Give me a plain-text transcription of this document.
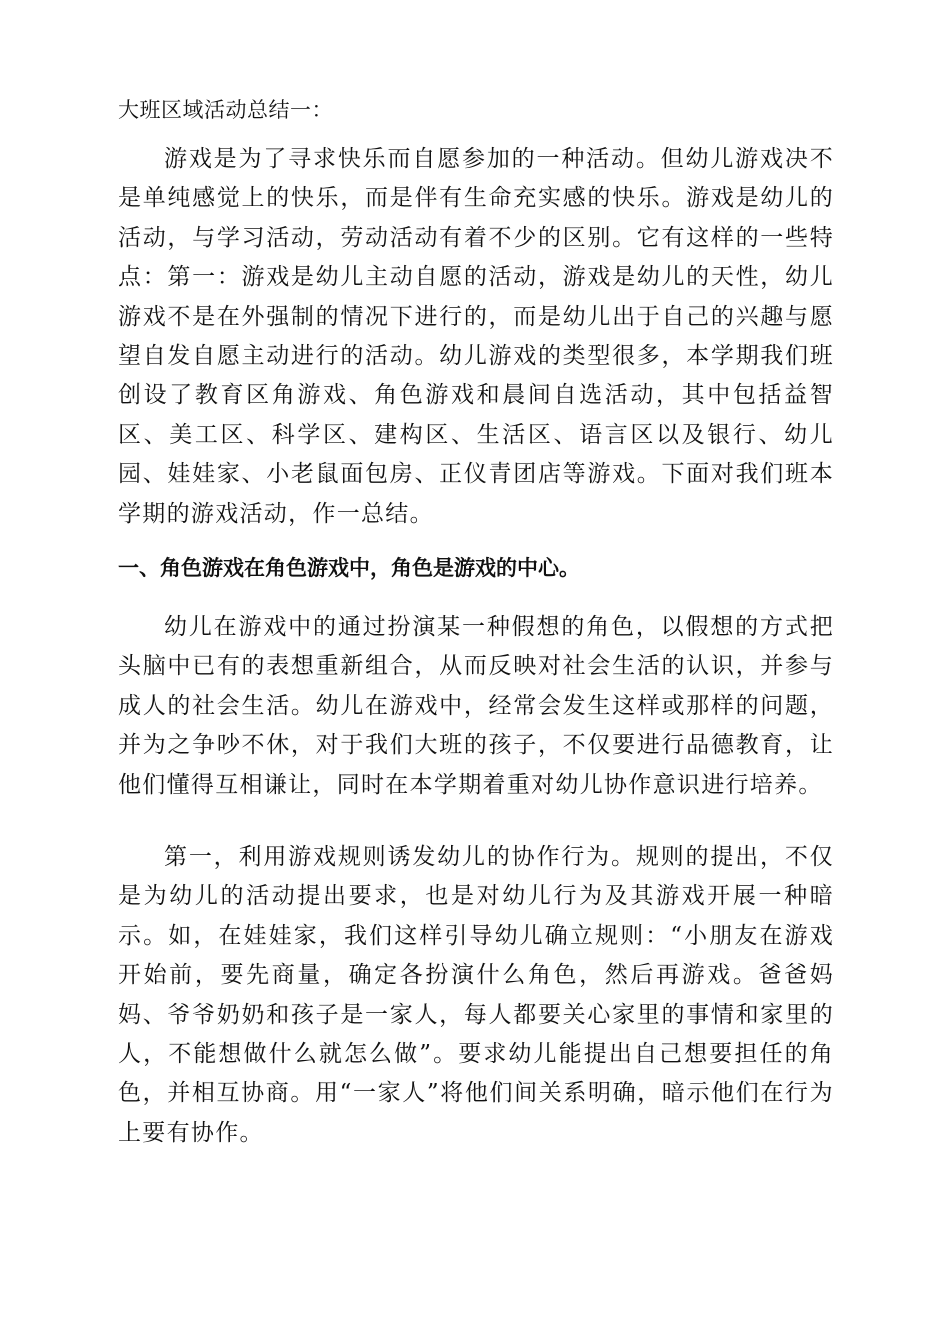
大班区域活动总结一：

游戏是为了寻求快乐而自愿参加的一种活动。但幼儿游戏决不是单纯感觉上的快乐，而是伴有生命充实感的快乐。游戏是幼儿的活动，与学习活动，劳动活动有着不少的区别。它有这样的一些特点：第一：游戏是幼儿主动自愿的活动，游戏是幼儿的天性，幼儿游戏不是在外强制的情况下进行的，而是幼儿出于自己的兴趣与愿望自发自愿主动进行的活动。幼儿游戏的类型很多，本学期我们班创设了教育区角游戏、角色游戏和晨间自选活动，其中包括益智区、美工区、科学区、建构区、生活区、语言区以及银行、幼儿园、娃娃家、小老鼠面包房、正仪青团店等游戏。下面对我们班本学期的游戏活动，作一总结。

一、角色游戏在角色游戏中，角色是游戏的中心。

幼儿在游戏中的通过扮演某一种假想的角色，以假想的方式把头脑中已有的表想重新组合，从而反映对社会生活的认识，并参与成人的社会生活。幼儿在游戏中，经常会发生这样或那样的问题，并为之争吵不休，对于我们大班的孩子，不仅要进行品德教育，让他们懂得互相谦让，同时在本学期着重对幼儿协作意识进行培养。

第一，利用游戏规则诱发幼儿的协作行为。规则的提出，不仅是为幼儿的活动提出要求，也是对幼儿行为及其游戏开展一种暗示。如，在娃娃家，我们这样引导幼儿确立规则：“小朋友在游戏开始前，要先商量，确定各扮演什么角色，然后再游戏。爸爸妈妈、爷爷奶奶和孩子是一家人，每人都要关心家里的事情和家里的人，不能想做什么就怎么做”。要求幼儿能提出自己想要担任的角色，并相互协商。用“一家人”将他们间关系明确，暗示他们在行为上要有协作。
